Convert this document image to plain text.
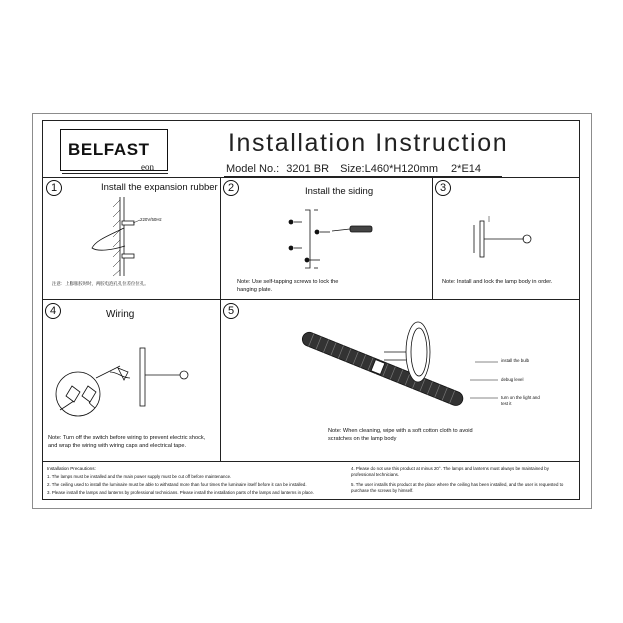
BELFAST
eon
Installation Instruction
Model No.: 3201 BR Size:L460*H120mm 2*E14
1	Install the expansion rubber 2	Install the siding	3
4	Wiring	5
注意：上膨胀胶时时，两胶电泡孔孔位差位位孔。
220V/50Hz
Note: Use self-tapping screws to lock the hanging plate.
Note: Install and lock the lamp body in order.
Note: Turn off the switch before wiring to prevent electric shock, and wrap the wiring with wiring caps and electrical tape.
Note: When cleaning, wipe with a soft cotton cloth to avoid scratches on the lamp body
install the bulb
debug level
turn on the light and test it
Installation Precautions:
1. The lamps must be installed and the main power supply must be cut off before maintenance.
2. The ceiling used to install the luminaire must be able to withstand more than four times the luminaire itself before it can be installed.
3. Please install the lamps and lanterns by professional technicians. Please install the installation parts of the lamps and lanterns in place.
4. Please do not use this product at minus 20°. The lamps and lanterns must always be maintained by professional technicians.
5. The user installs this product at the place where the ceiling has been installed, and the user is requested to purchase the screws by himself.
